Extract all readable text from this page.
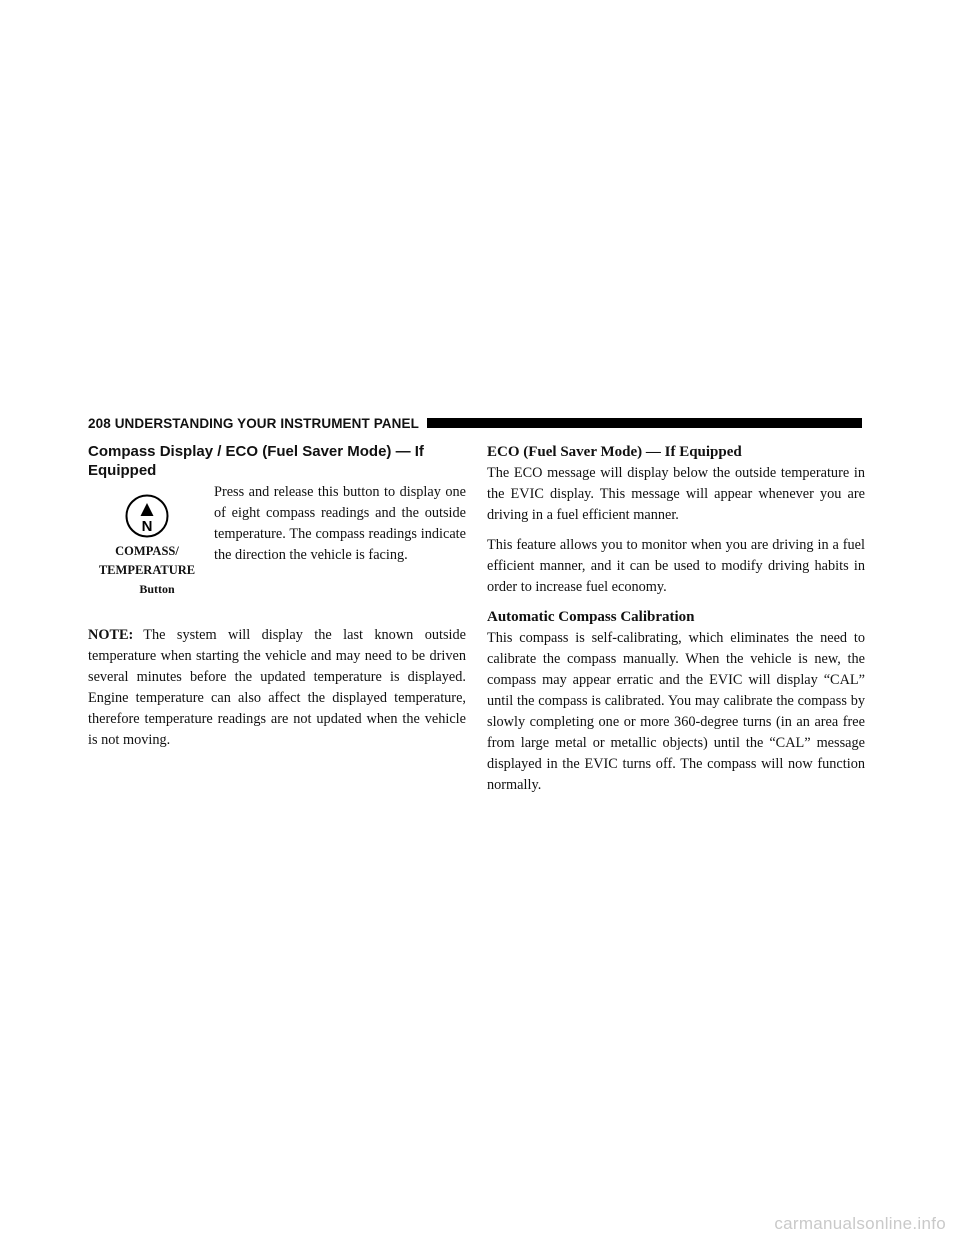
208 UNDERSTANDING YOUR INSTRUMENT PANEL
Compass Display / ECO (Fuel Saver Mode) — If Equipped
N
COMPASS/
TEMPERATURE
Button

Press and release this button to display one of eight compass readings and the outside temperature. The compass readings indicate the direction the vehicle is facing.

NOTE: The system will display the last known outside temperature when starting the vehicle and may need to be driven several minutes before the updated temperature is displayed. Engine temperature can also affect the displayed temperature, therefore temperature readings are not updated when the vehicle is not moving.

ECO (Fuel Saver Mode) — If Equipped

The ECO message will display below the outside temperature in the EVIC display. This message will appear whenever you are driving in a fuel efficient manner.

This feature allows you to monitor when you are driving in a fuel efficient manner, and it can be used to modify driving habits in order to increase fuel economy.

Automatic Compass Calibration

This compass is self-calibrating, which eliminates the need to calibrate the compass manually. When the vehicle is new, the compass may appear erratic and the EVIC will display “CAL” until the compass is calibrated. You may calibrate the compass by slowly completing one or more 360-degree turns (in an area free from large metal or metallic objects) until the “CAL” message displayed in the EVIC turns off. The compass will now function normally.

carmanualsonline.info
